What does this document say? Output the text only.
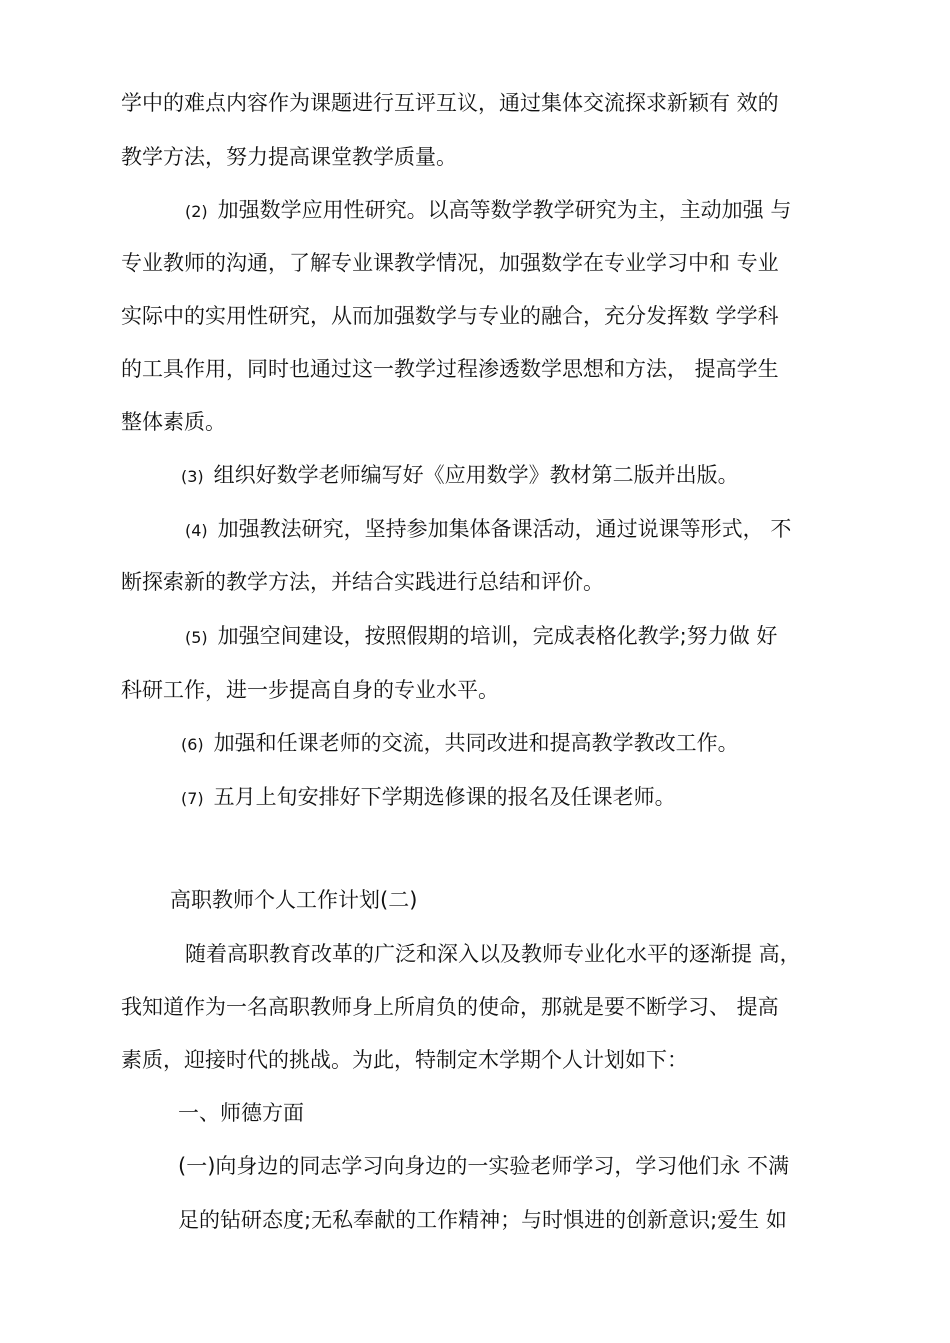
学中的难点内容作为课题进行互评互议，通过集体交流探求新颖有 效的
教学方法，努力提高课堂教学质量。
(2) 加强数学应用性研究。以高等数学教学研究为主，主动加强 与
专业教师的沟通，了解专业课教学情况，加强数学在专业学习中和 专业
实际中的实用性研究，从而加强数学与专业的融合，充分发挥数 学学科
的工具作用，同时也通过这一教学过程渗透数学思想和方法， 提高学生
整体素质。
(3) 组织好数学老师编写好《应用数学》教材第二版并出版。
(4) 加强教法研究，坚持参加集体备课活动，通过说课等形式， 不
断探索新的教学方法，并结合实践进行总结和评价。
(5) 加强空间建设，按照假期的培训，完成表格化教学;努力做 好
科研工作，进一步提高自身的专业水平。
(6) 加强和任课老师的交流，共同改进和提高教学教改工作。
(7) 五月上旬安排好下学期选修课的报名及任课老师。
高职教师个人工作计划(二)
随着高职教育改革的广泛和深入以及教师专业化水平的逐渐提 高，
我知道作为一名高职教师身上所肩负的使命，那就是要不断学习、 提高
素质，迎接时代的挑战。为此，特制定木学期个人计划如下：
一、师德方面
(一)向身边的同志学习向身边的一实验老师学习，学习他们永 不满
足的钻研态度;无私奉献的工作精神；与时惧进的创新意识;爱生 如
